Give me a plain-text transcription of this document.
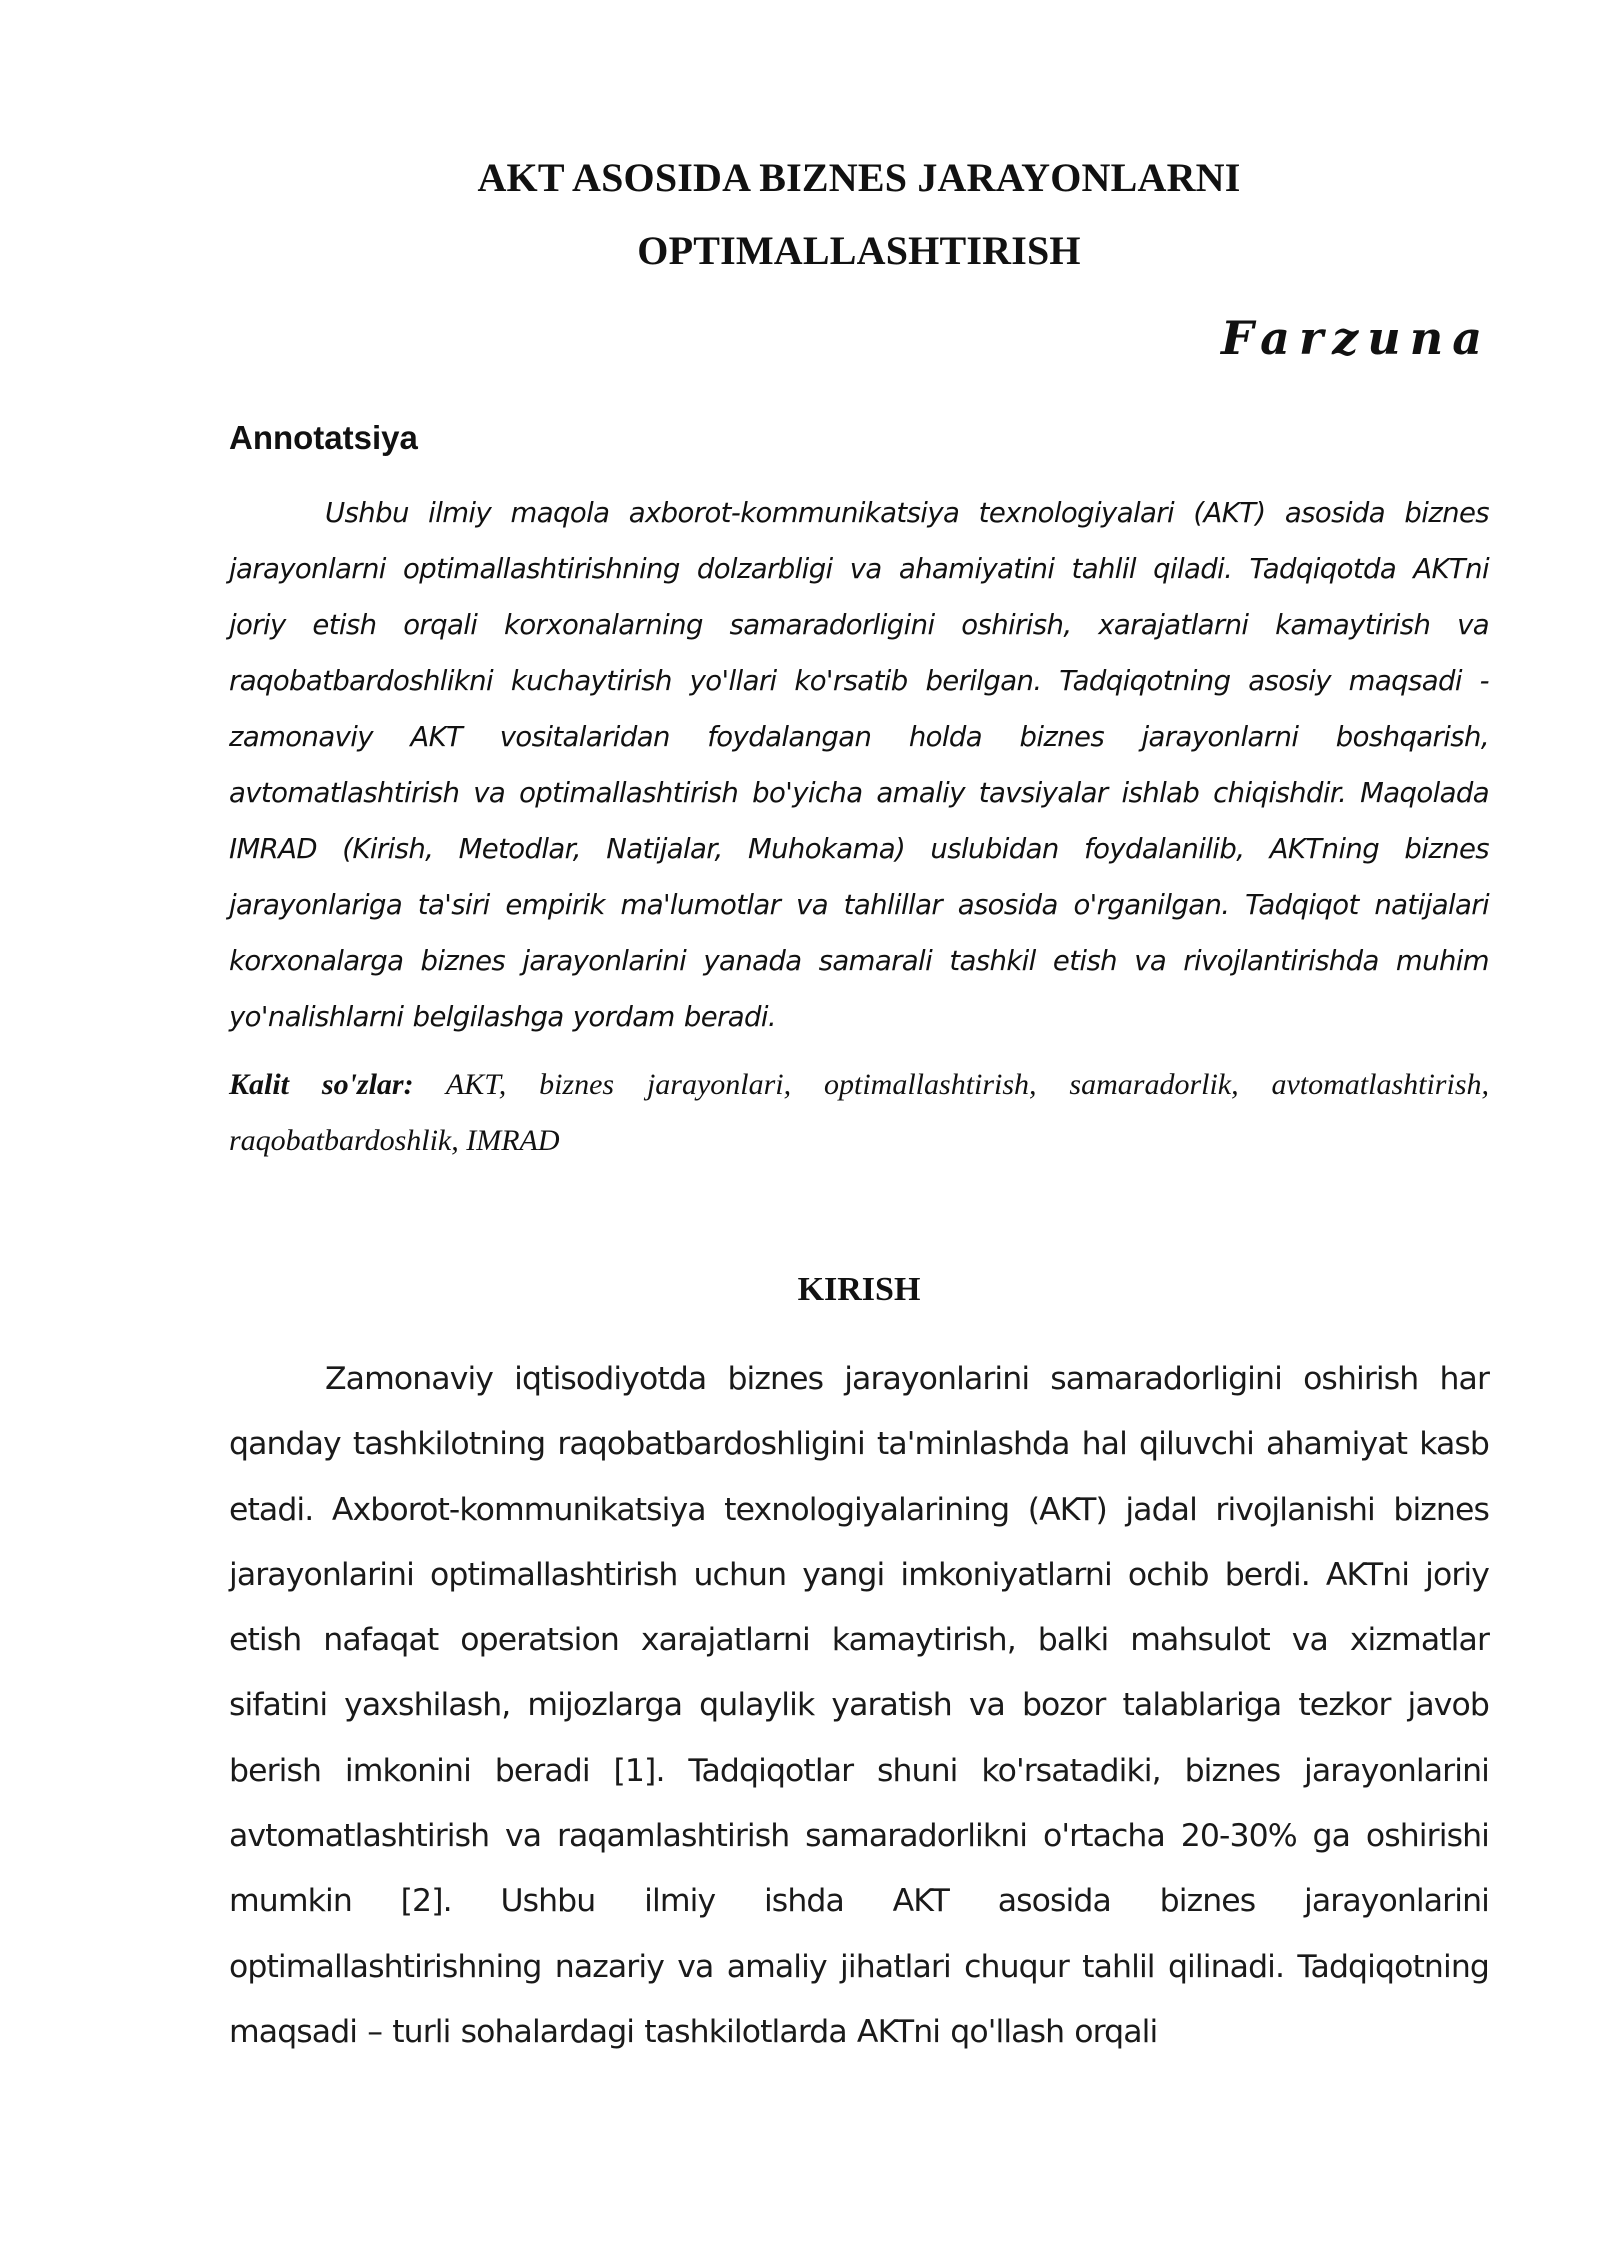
AKT ASOSIDA BIZNES JARAYONLARNI
OPTIMALLASHTIRISH
Farzuna
Annotatsiya

Ushbu ilmiy maqola axborot-kommunikatsiya texnologiyalari (AKT) asosida biznes jarayonlarni optimallashtirishning dolzarbligi va ahamiyatini tahlil qiladi. Tadqiqotda AKTni joriy etish orqali korxonalarning samaradorligini oshirish, xarajatlarni kamaytirish va raqobatbardoshlikni kuchaytirish yo'llari ko'rsatib berilgan. Tadqiqotning asosiy maqsadi - zamonaviy AKT vositalaridan foydalangan holda biznes jarayonlarni boshqarish, avtomatlashtirish va optimallashtirish bo'yicha amaliy tavsiyalar ishlab chiqishdir. Maqolada IMRAD (Kirish, Metodlar, Natijalar, Muhokama) uslubidan foydalanilib, AKTning biznes jarayonlariga ta'siri empirik ma'lumotlar va tahlillar asosida o'rganilgan. Tadqiqot natijalari korxonalarga biznes jarayonlarini yanada samarali tashkil etish va rivojlantirishda muhim yo'nalishlarni belgilashga yordam beradi.

Kalit so'zlar: AKT, biznes jarayonlari, optimallashtirish, samaradorlik, avtomatlashtirish, raqobatbardoshlik, IMRAD

KIRISH

Zamonaviy iqtisodiyotda biznes jarayonlarini samaradorligini oshirish har qanday tashkilotning raqobatbardoshligini ta'minlashda hal qiluvchi ahamiyat kasb etadi. Axborot-kommunikatsiya texnologiyalarining (AKT) jadal rivojlanishi biznes jarayonlarini optimallashtirish uchun yangi imkoniyatlarni ochib berdi. AKTni joriy etish nafaqat operatsion xarajatlarni kamaytirish, balki mahsulot va xizmatlar sifatini yaxshilash, mijozlarga qulaylik yaratish va bozor talablariga tezkor javob berish imkonini beradi [1]. Tadqiqotlar shuni ko'rsatadiki, biznes jarayonlarini avtomatlashtirish va raqamlashtirish samaradorlikni o'rtacha 20-30% ga oshirishi mumkin [2]. Ushbu ilmiy ishda AKT asosida biznes jarayonlarini optimallashtirishning nazariy va amaliy jihatlari chuqur tahlil qilinadi. Tadqiqotning maqsadi – turli sohalardagi tashkilotlarda AKTni qo'llash orqali
